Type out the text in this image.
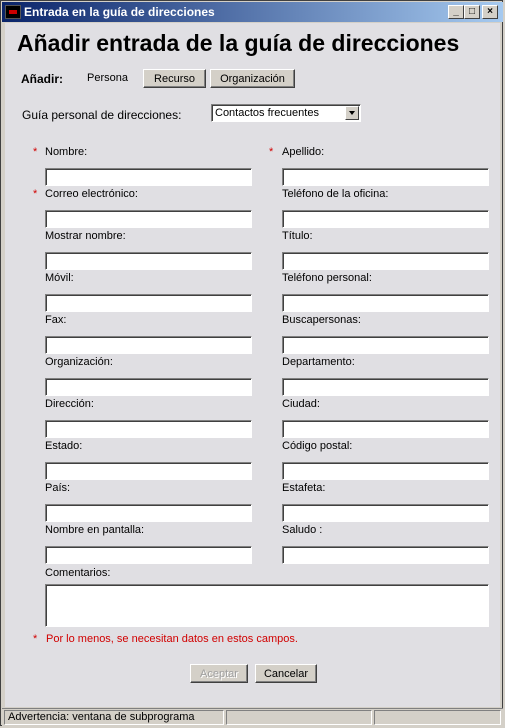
Entrada en la guía de direcciones	_	□	×
Añadir entrada de la guía de direcciones
Añadir: Persona	Recurso	Organización
Guía personal de direcciones:	Contactos frecuentes
* Nombre:	* Apellido:
* Correo electrónico:	Teléfono de la oficina:
Mostrar nombre:	Título:
Móvil:	Teléfono personal:
Fax:	Buscapersonas:
Organización:	Departamento:
Dirección:	Ciudad:
Estado:	Código postal:
País:	Estafeta:
Nombre en pantalla:	Saludo :
Comentarios:
* Por lo menos, se necesitan datos en estos campos.
Aceptar	Cancelar
Advertencia: ventana de subprograma
